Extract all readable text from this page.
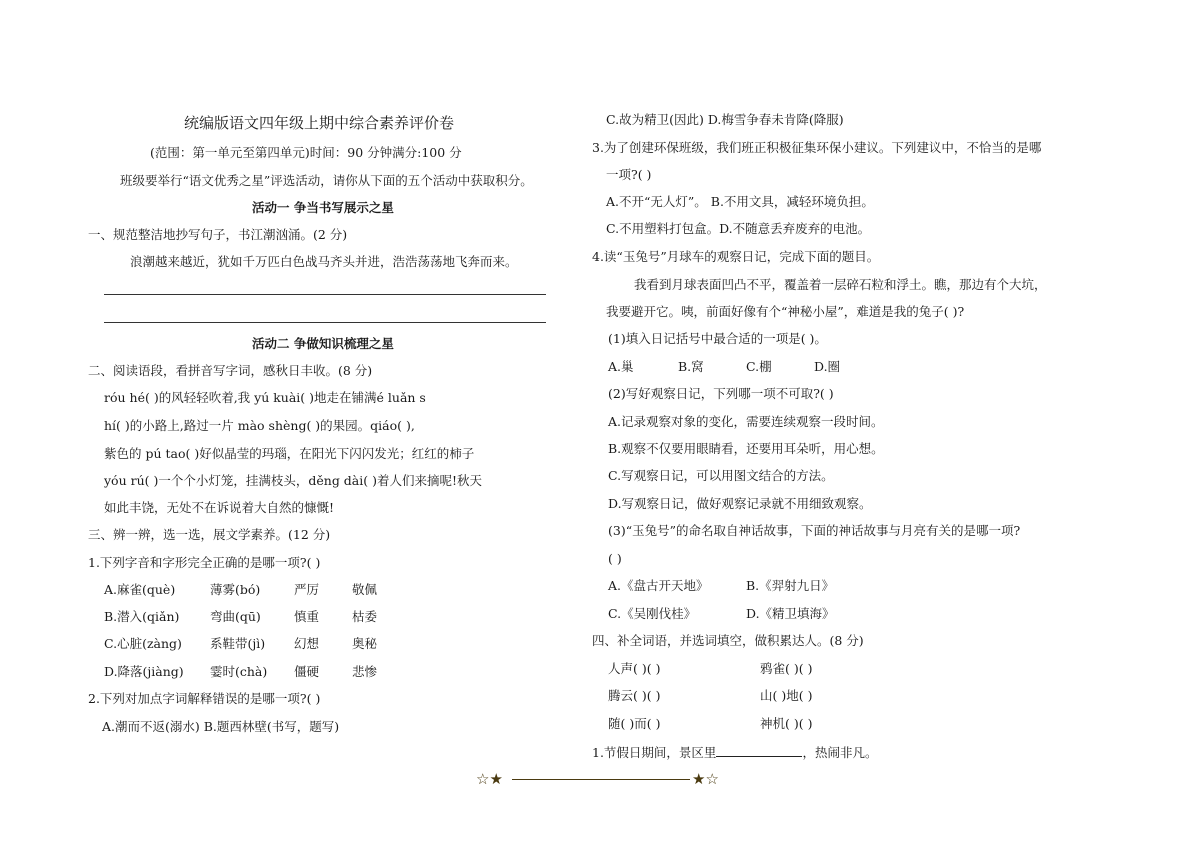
统编版语文四年级上期中综合素养评价卷
(范围：第一单元至第四单元)时间：90 分钟满分:100 分
班级要举行“语文优秀之星”评选活动，请你从下面的五个活动中获取积分。
活动一 争当书写展示之星
一、规范整洁地抄写句子，书江潮汹涌。(2 分)
浪潮越来越近，犹如千万匹白色战马齐头并进，浩浩荡荡地飞奔而来。
活动二 争做知识梳理之星
二、阅读语段，看拼音写字词，感秋日丰收。(8 分)
róu hé( )的风轻轻吹着,我 yú kuài( )地走在铺满é luǎn s
hí( )的小路上,路过一片 mào shèng( )的果园。qiáo( ),
紫色的 pú tao( )好似晶莹的玛瑙，在阳光下闪闪发光；红红的柿子
yóu rú( )一个个小灯笼，挂满枝头，děng dài( )着人们来摘呢!秋天
如此丰饶，无处不在诉说着大自然的慷慨!
三、辨一辨，选一选，展文学素养。(12 分)
1.下列字音和字形完全正确的是哪一项?( )
A.麻雀(què)	薄雾(bó)	严厉	敬佩
B.潜入(qiǎn) 弯曲(qū)	慎重	枯委
C.心脏(zàng) 系鞋带(jì) 幻想	奥秘
D.降落(jiàng) 霎时(chà) 僵硬	悲惨
2.下列对加点字词解释错误的是哪一项?( )
A.潮而不返(溺水) B.题西林壁(书写，题写)
C.故为精卫(因此) D.梅雪争春未肯降(降服)
3.为了创建环保班级，我们班正积极征集环保小建议。下列建议中，不恰当的是哪
一项?( )
A.不开“无人灯”。 B.不用文具，减轻环境负担。
C.不用塑料打包盒。D.不随意丢弃废弃的电池。
4.读“玉兔号”月球车的观察日记，完成下面的题目。
我看到月球表面凹凸不平，覆盖着一层碎石粒和浮土。瞧，那边有个大坑，
我要避开它。咦，前面好像有个“神秘小屋”，难道是我的兔子( )?
(1)填入日记括号中最合适的一项是( )。
A.巢	B.窝	C.棚	D.圈
(2)写好观察日记，下列哪一项不可取?( )
A.记录观察对象的变化，需要连续观察一段时间。
B.观察不仅要用眼睛看，还要用耳朵听，用心想。
C.写观察日记，可以用图文结合的方法。
D.写观察日记，做好观察记录就不用细致观察。
(3)“玉兔号”的命名取自神话故事，下面的神话故事与月亮有关的是哪一项?
( )
A.《盘古开天地》	B.《羿射九日》
C.《吴刚伐桂》	D.《精卫填海》
四、补全词语，并选词填空，做积累达人。(8 分)
人声( )( )	鸦雀( )( )
腾云( )( )	山( )地( )
随( )而( )	神机( )( )
1.节假日期间，景区里	，热闹非凡。
☆★	★☆
